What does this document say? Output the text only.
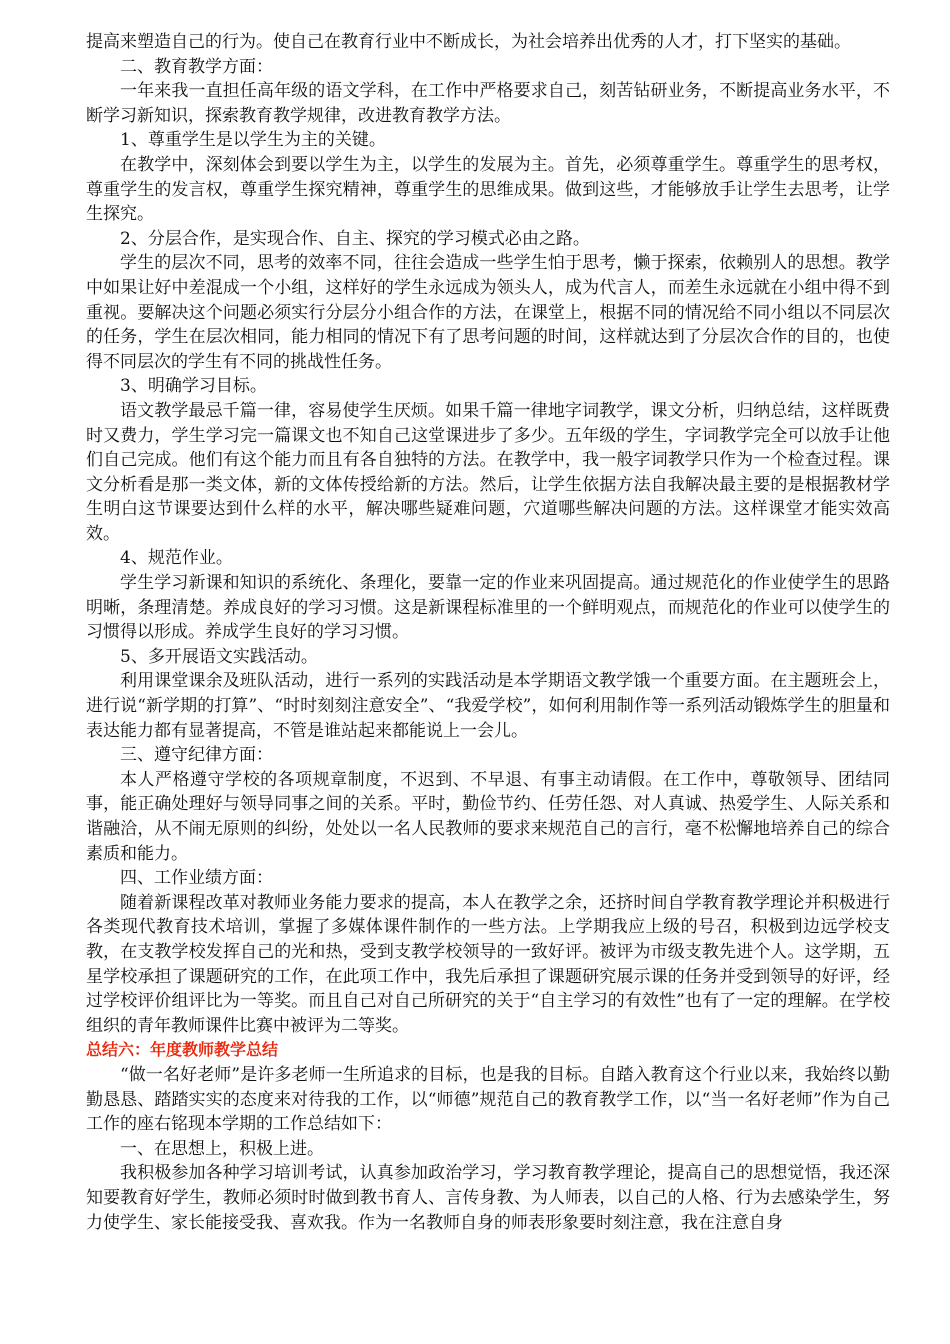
提高来塑造自己的行为。使自己在教育行业中不断成长，为社会培养出优秀的人才，打下坚实的基础。

二、教育教学方面：

一年来我一直担任高年级的语文学科，在工作中严格要求自己，刻苦钻研业务，不断提高业务水平，不断学习新知识，探索教育教学规律，改进教育教学方法。

1、尊重学生是以学生为主的关键。

在教学中，深刻体会到要以学生为主，以学生的发展为主。首先，必须尊重学生。尊重学生的思考权，尊重学生的发言权，尊重学生探究精神，尊重学生的思维成果。做到这些，才能够放手让学生去思考，让学生探究。

2、分层合作，是实现合作、自主、探究的学习模式必由之路。

学生的层次不同，思考的效率不同，往往会造成一些学生怕于思考，懒于探索，依赖别人的思想。教学中如果让好中差混成一个小组，这样好的学生永远成为领头人，成为代言人，而差生永远就在小组中得不到重视。要解决这个问题必须实行分层分小组合作的方法，在课堂上，根据不同的情况给不同小组以不同层次的任务，学生在层次相同，能力相同的情况下有了思考问题的时间，这样就达到了分层次合作的目的，也使得不同层次的学生有不同的挑战性任务。

3、明确学习目标。

语文教学最忌千篇一律，容易使学生厌烦。如果千篇一律地字词教学，课文分析，归纳总结，这样既费时又费力，学生学习完一篇课文也不知自己这堂课进步了多少。五年级的学生，字词教学完全可以放手让他们自己完成。他们有这个能力而且有各自独特的方法。在教学中，我一般字词教学只作为一个检查过程。课文分析看是那一类文体，新的文体传授给新的方法。然后，让学生依据方法自我解决最主要的是根据教材学生明白这节课要达到什么样的水平，解决哪些疑难问题，穴道哪些解决问题的方法。这样课堂才能实效高效。

4、规范作业。

学生学习新课和知识的系统化、条理化，要靠一定的作业来巩固提高。通过规范化的作业使学生的思路明晰，条理清楚。养成良好的学习习惯。这是新课程标准里的一个鲜明观点，而规范化的作业可以使学生的习惯得以形成。养成学生良好的学习习惯。

5、多开展语文实践活动。

利用课堂课余及班队活动，进行一系列的实践活动是本学期语文教学饿一个重要方面。在主题班会上，进行说“新学期的打算”、“时时刻刻注意安全”、“我爱学校”，如何利用制作等一系列活动锻炼学生的胆量和表达能力都有显著提高，不管是谁站起来都能说上一会儿。

三、遵守纪律方面：

本人严格遵守学校的各项规章制度，不迟到、不早退、有事主动请假。在工作中，尊敬领导、团结同事，能正确处理好与领导同事之间的关系。平时，勤俭节约、任劳任怨、对人真诚、热爱学生、人际关系和谐融洽，从不闹无原则的纠纷，处处以一名人民教师的要求来规范自己的言行，毫不松懈地培养自己的综合素质和能力。

四、工作业绩方面：

随着新课程改革对教师业务能力要求的提高，本人在教学之余，还挤时间自学教育教学理论并积极进行各类现代教育技术培训，掌握了多媒体课件制作的一些方法。上学期我应上级的号召，积极到边远学校支教，在支教学校发挥自己的光和热，受到支教学校领导的一致好评。被评为市级支教先进个人。这学期，五星学校承担了课题研究的工作，在此项工作中，我先后承担了课题研究展示课的任务并受到领导的好评，经过学校评价组评比为一等奖。而且自己对自己所研究的关于“自主学习的有效性”也有了一定的理解。在学校组织的青年教师课件比赛中被评为二等奖。

总结六：年度教师教学总结

“做一名好老师”是许多老师一生所追求的目标，也是我的目标。自踏入教育这个行业以来，我始终以勤勤恳恳、踏踏实实的态度来对待我的工作，以“师德”规范自己的教育教学工作，以“当一名好老师”作为自己工作的座右铭现本学期的工作总结如下：

一、在思想上，积极上进。

我积极参加各种学习培训考试，认真参加政治学习，学习教育教学理论，提高自己的思想觉悟，我还深知要教育好学生，教师必须时时做到教书育人、言传身教、为人师表，以自己的人格、行为去感染学生，努力使学生、家长能接受我、喜欢我。作为一名教师自身的师表形象要时刻注意，我在注意自身
